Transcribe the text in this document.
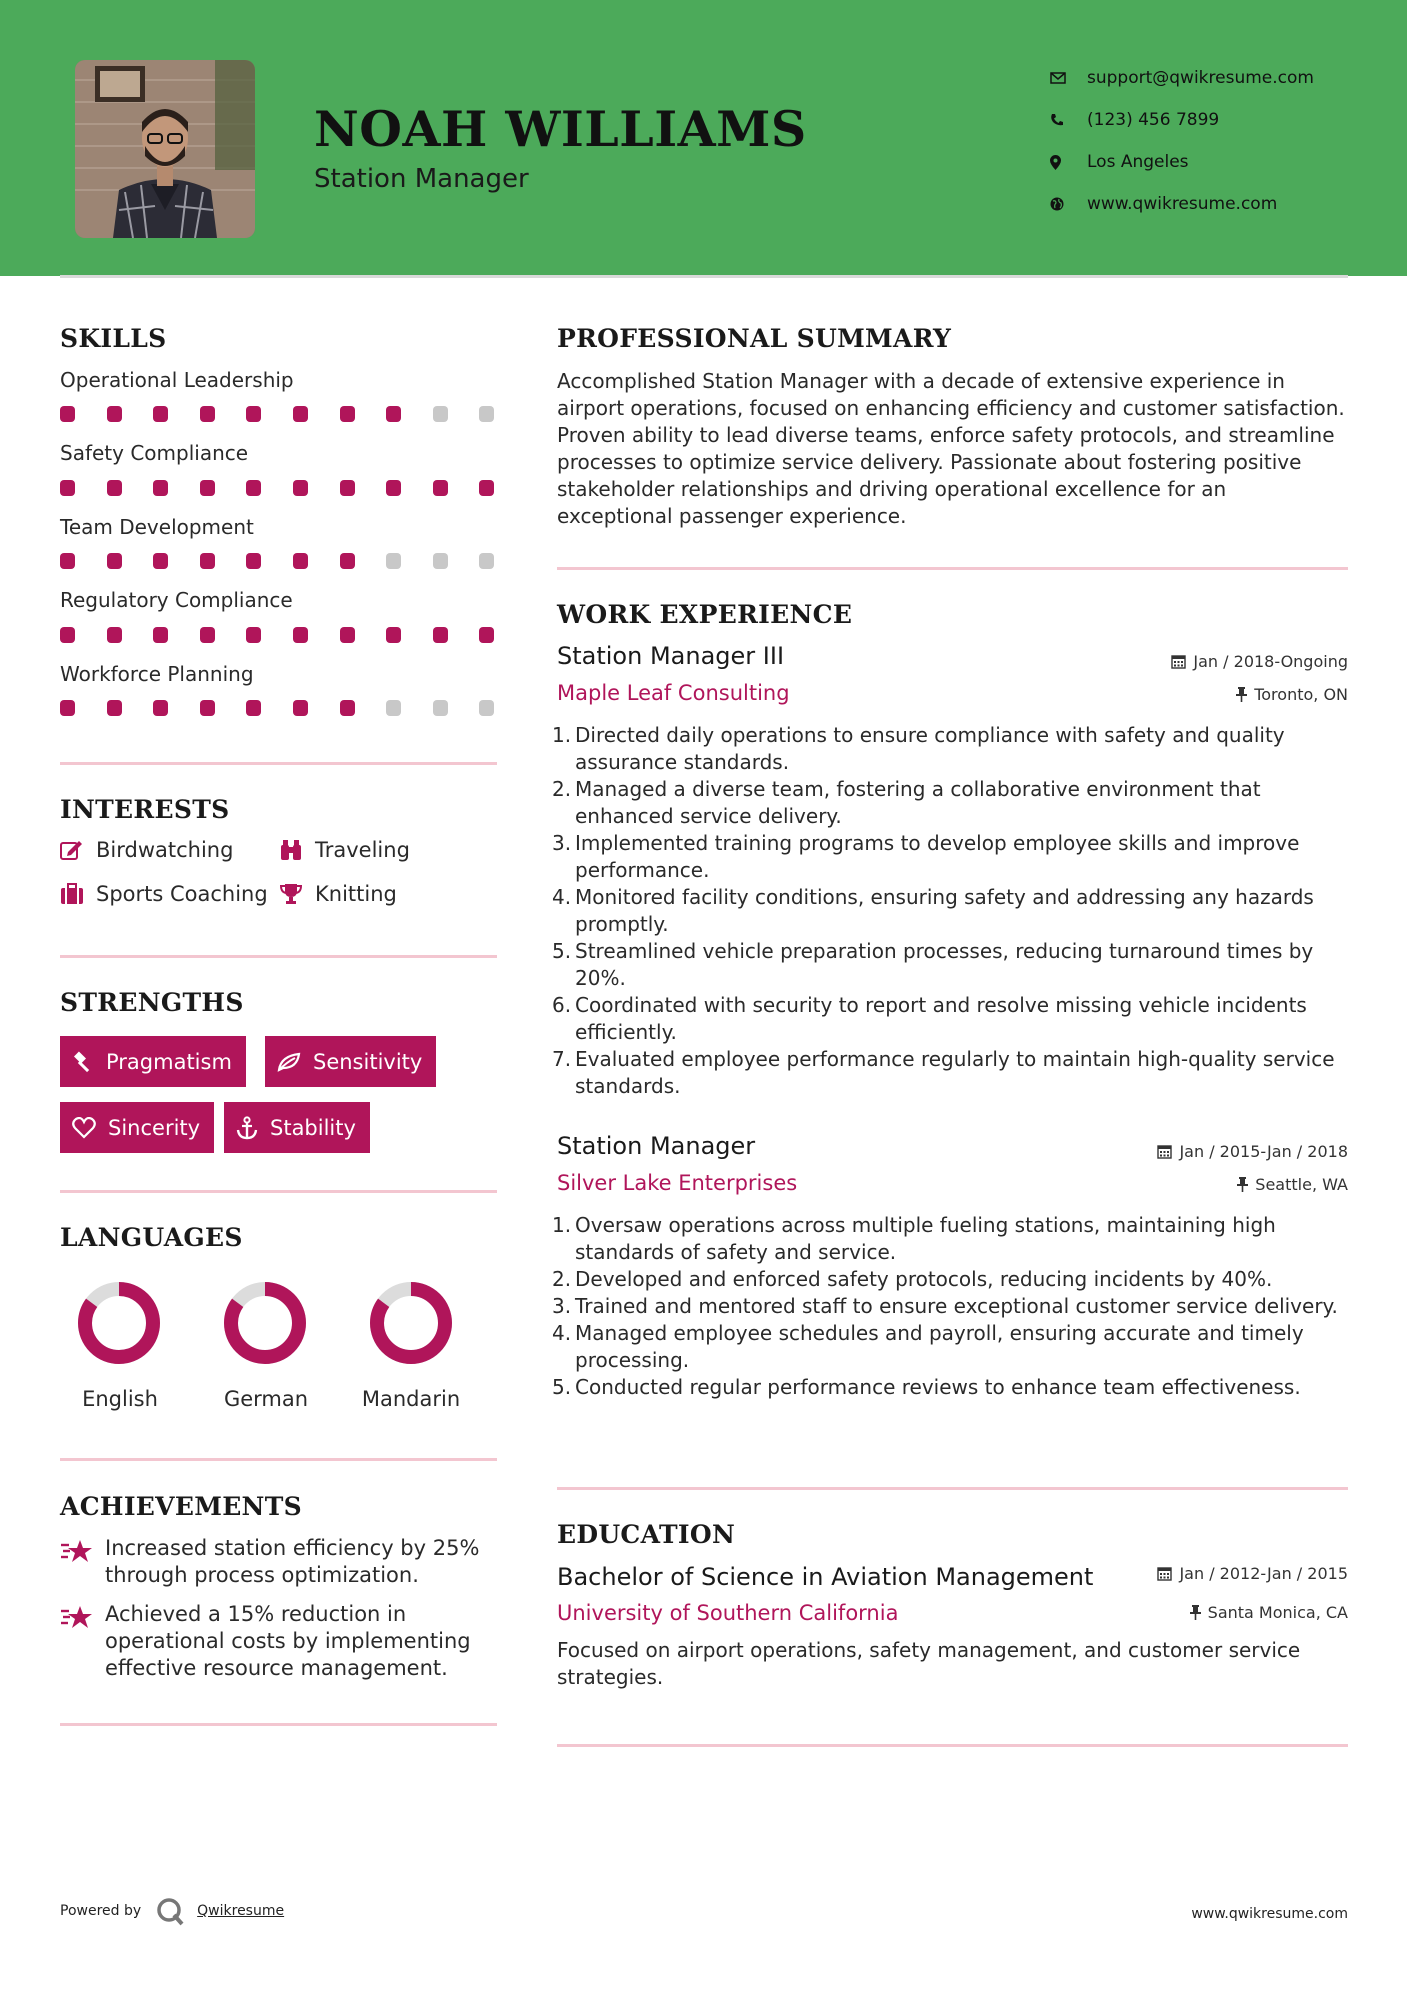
NOAH WILLIAMS
Station Manager
support@qwikresume.com
(123) 456 7899
Los Angeles
www.qwikresume.com
SKILLS
Operational Leadership
Safety Compliance
Team Development
Regulatory Compliance
Workforce Planning
INTERESTS
Birdwatching	Traveling
Sports Coaching Knitting
STRENGTHS
Pragmatism	Sensitivity
Sincerity	Stability
LANGUAGES
English	German	Mandarin
ACHIEVEMENTS
Increased station efficiency by 25% through process optimization.
Achieved a 15% reduction in operational costs by implementing effective resource management.
PROFESSIONAL SUMMARY
Accomplished Station Manager with a decade of extensive experience in airport operations, focused on enhancing efficiency and customer satisfaction. Proven ability to lead diverse teams, enforce safety protocols, and streamline processes to optimize service delivery. Passionate about fostering positive stakeholder relationships and driving operational excellence for an exceptional passenger experience.
WORK EXPERIENCE
Station Manager III	Jan / 2018-Ongoing
Maple Leaf Consulting	Toronto, ON
1. Directed daily operations to ensure compliance with safety and quality assurance standards.
2. Managed a diverse team, fostering a collaborative environment that enhanced service delivery.
3. Implemented training programs to develop employee skills and improve performance.
4. Monitored facility conditions, ensuring safety and addressing any hazards promptly.
5. Streamlined vehicle preparation processes, reducing turnaround times by 20%.
6. Coordinated with security to report and resolve missing vehicle incidents efficiently.
7. Evaluated employee performance regularly to maintain high-quality service standards.
Station Manager	Jan / 2015-Jan / 2018
Silver Lake Enterprises	Seattle, WA
1. Oversaw operations across multiple fueling stations, maintaining high standards of safety and service.
2. Developed and enforced safety protocols, reducing incidents by 40%.
3. Trained and mentored staff to ensure exceptional customer service delivery.
4. Managed employee schedules and payroll, ensuring accurate and timely processing.
5. Conducted regular performance reviews to enhance team effectiveness.
EDUCATION
Bachelor of Science in Aviation Management	Jan / 2012-Jan / 2015
University of Southern California	Santa Monica, CA
Focused on airport operations, safety management, and customer service strategies.
Powered by	Qwikresume	www.qwikresume.com
